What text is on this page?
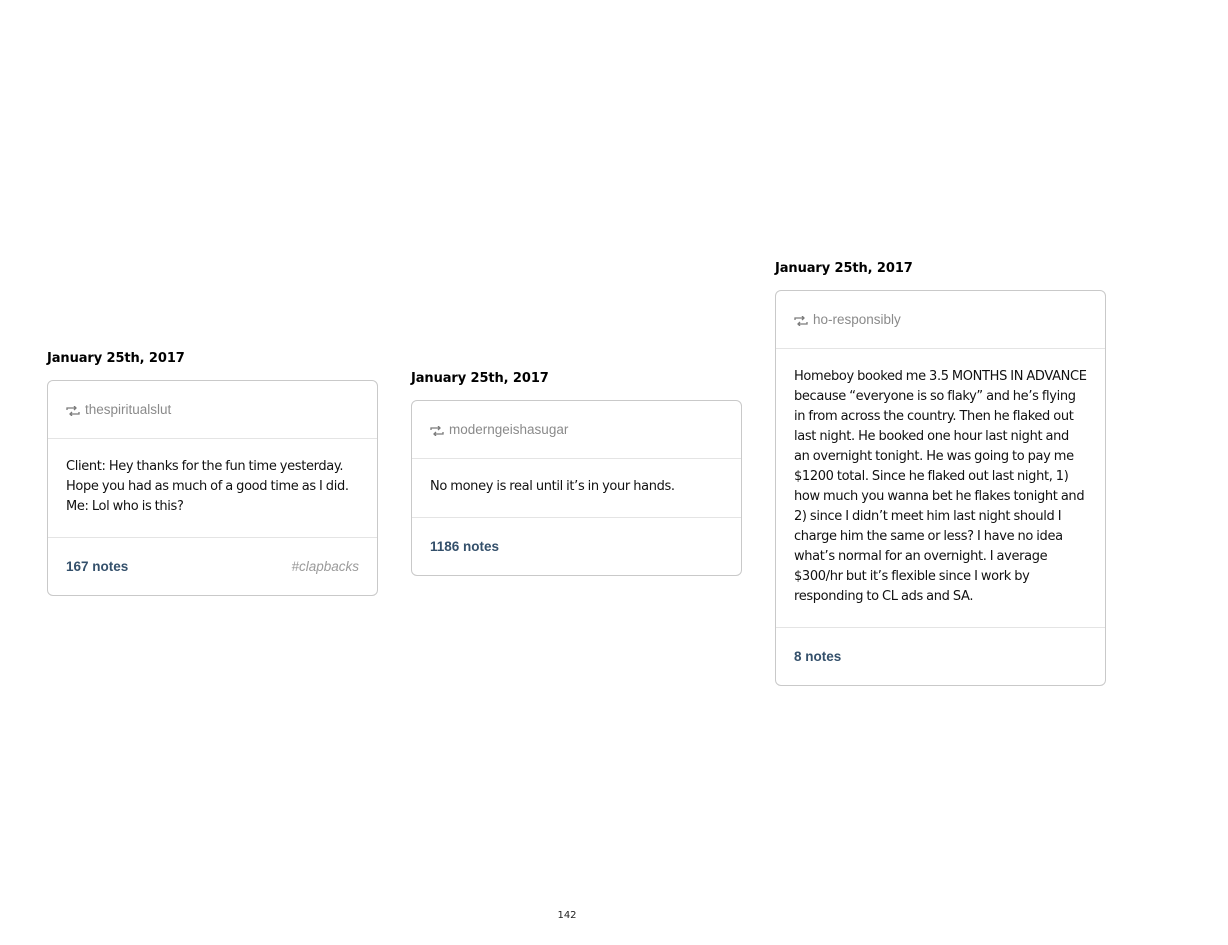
January 25th, 2017
thespiritualslut

Client: Hey thanks for the fun time yesterday.
Hope you had as much of a good time as I did.
Me: Lol who is this?

167 notes	#clapbacks
January 25th, 2017
moderngeishasugar

No money is real until it’s in your hands.

1186 notes
January 25th, 2017
ho-responsibly

Homeboy booked me 3.5 MONTHS IN ADVANCE because “everyone is so flaky” and he’s flying in from across the country. Then he flaked out last night. He booked one hour last night and an overnight tonight. He was going to pay me $1200 total. Since he flaked out last night, 1) how much you wanna bet he flakes tonight and 2) since I didn’t meet him last night should I charge him the same or less? I have no idea what’s normal for an overnight. I average $300/hr but it’s flexible since I work by responding to CL ads and SA.

8 notes
142
